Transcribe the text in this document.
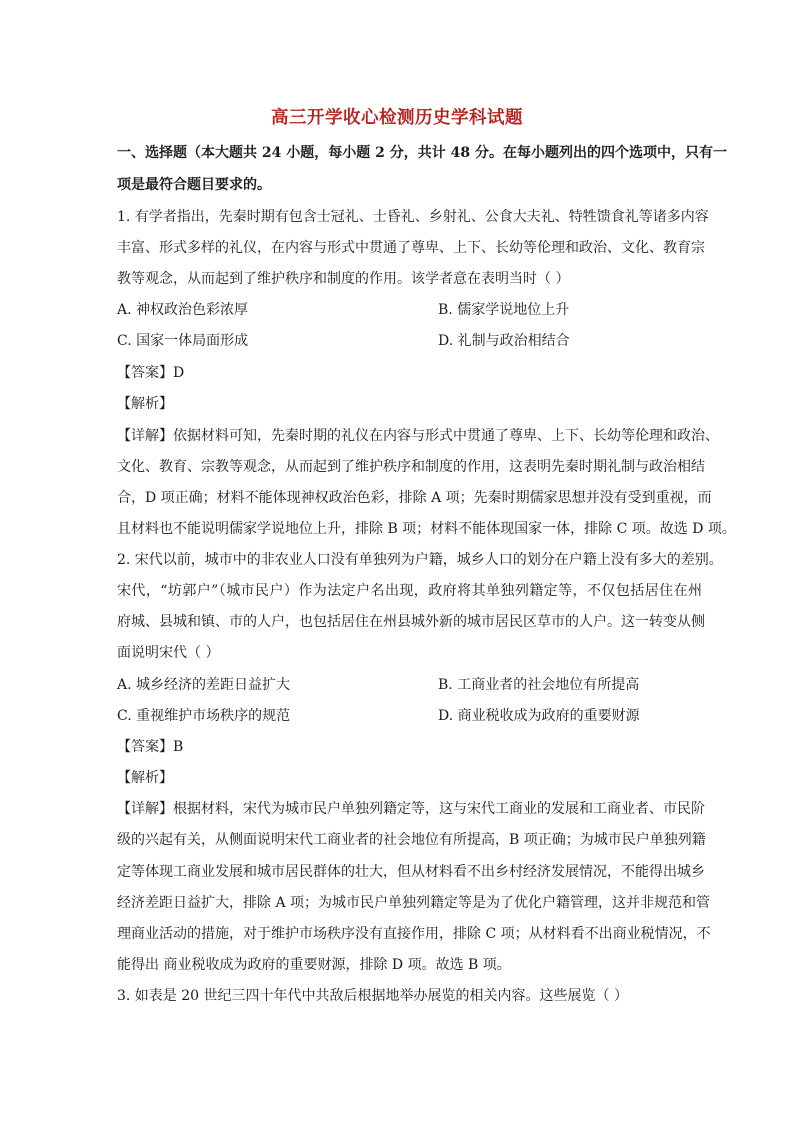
高三开学收心检测历史学科试题
一、选择题（本大题共 24 小题，每小题 2 分，共计 48 分。在每小题列出的四个选项中，只有一
项是最符合题目要求的。
1. 有学者指出，先秦时期有包含士冠礼、士昏礼、乡射礼、公食大夫礼、特牲馈食礼等诸多内容
丰富、形式多样的礼仪，在内容与形式中贯通了尊卑、上下、长幼等伦理和政治、文化、教育宗
教等观念，从而起到了维护秩序和制度的作用。该学者意在表明当时（ ）
A. 神权政治色彩浓厚	B. 儒家学说地位上升
C. 国家一体局面形成	D. 礼制与政治相结合
【答案】D
【解析】
【详解】依据材料可知，先秦时期的礼仪在内容与形式中贯通了尊卑、上下、长幼等伦理和政治、
文化、教育、宗教等观念，从而起到了维护秩序和制度的作用，这表明先秦时期礼制与政治相结
合，D 项正确；材料不能体现神权政治色彩，排除 A 项；先秦时期儒家思想并没有受到重视，而
且材料也不能说明儒家学说地位上升，排除 B 项；材料不能体现国家一体，排除 C 项。故选 D 项。
2. 宋代以前，城市中的非农业人口没有单独列为户籍，城乡人口的划分在户籍上没有多大的差别。
宋代，“坊郭户”（城市民户）作为法定户名出现，政府将其单独列籍定等，不仅包括居住在州
府城、县城和镇、市的人户，也包括居住在州县城外新的城市居民区草市的人户。这一转变从侧
面说明宋代（ ）
A. 城乡经济的差距日益扩大	B. 工商业者的社会地位有所提高
C. 重视维护市场秩序的规范	D. 商业税收成为政府的重要财源
【答案】B
【解析】
【详解】根据材料，宋代为城市民户单独列籍定等，这与宋代工商业的发展和工商业者、市民阶
级的兴起有关，从侧面说明宋代工商业者的社会地位有所提高，B 项正确；为城市民户单独列籍
定等体现工商业发展和城市居民群体的壮大，但从材料看不出乡村经济发展情况，不能得出城乡
经济差距日益扩大，排除 A 项；为城市民户单独列籍定等是为了优化户籍管理，这并非规范和管
理商业活动的措施，对于维护市场秩序没有直接作用，排除 C 项；从材料看不出商业税情况，不
能得出 商业税收成为政府的重要财源，排除 D 项。故选 B 项。
3. 如表是 20 世纪三四十年代中共敌后根据地举办展览的相关内容。这些展览（ ）
